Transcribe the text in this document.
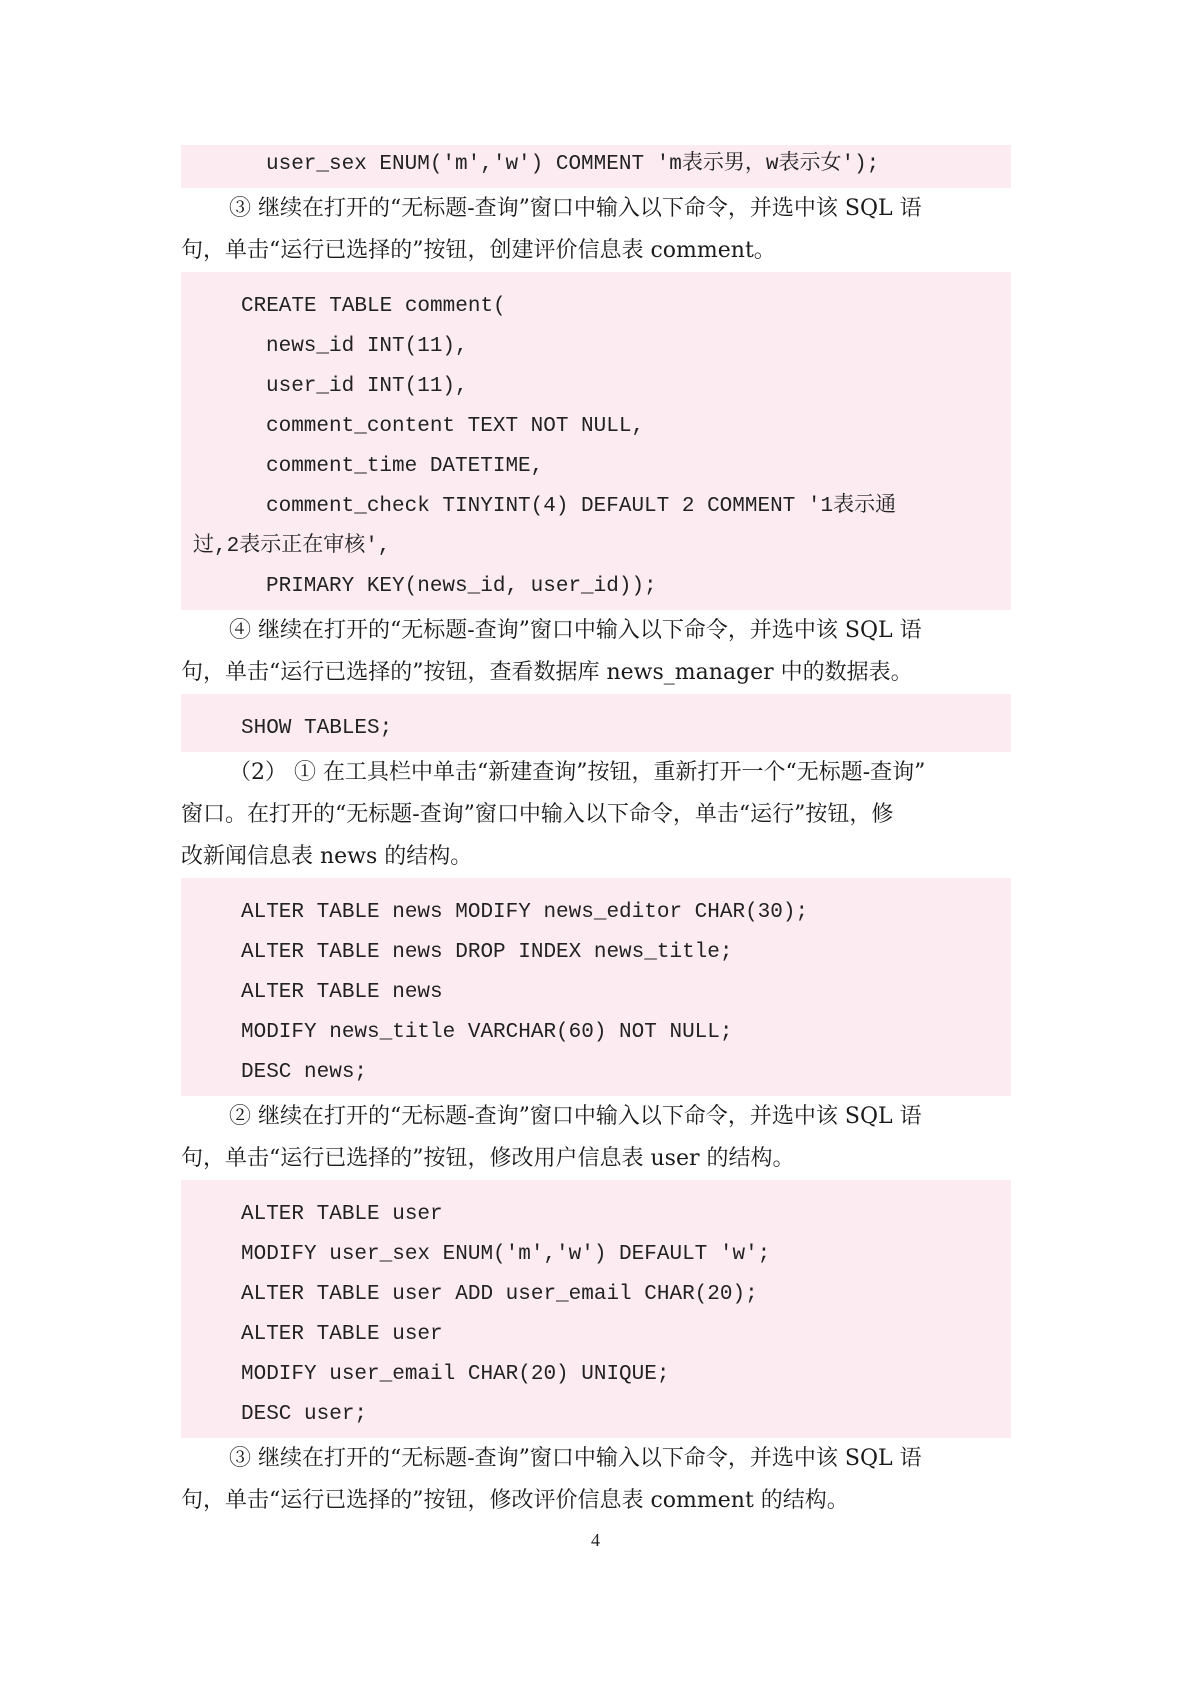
user_sex ENUM('m','w') COMMENT 'm表示男，w表示女');
③ 继续在打开的“无标题-查询”窗口中输入以下命令，并选中该 SQL 语
句，单击“运行已选择的”按钮，创建评价信息表 comment。
CREATE TABLE comment(
news_id INT(11),
user_id INT(11),
comment_content TEXT NOT NULL,
comment_time DATETIME,
comment_check TINYINT(4) DEFAULT 2 COMMENT '1表示通
过,2表示正在审核',
PRIMARY KEY(news_id, user_id));
④ 继续在打开的“无标题-查询”窗口中输入以下命令，并选中该 SQL 语
句，单击“运行已选择的”按钮，查看数据库 news_manager 中的数据表。
SHOW TABLES;
（2） ① 在工具栏中单击“新建查询”按钮，重新打开一个“无标题-查询”
窗口。在打开的“无标题-查询”窗口中输入以下命令，单击“运行”按钮，修
改新闻信息表 news 的结构。
ALTER TABLE news MODIFY news_editor CHAR(30);
ALTER TABLE news DROP INDEX news_title;
ALTER TABLE news
MODIFY news_title VARCHAR(60) NOT NULL;
DESC news;
② 继续在打开的“无标题-查询”窗口中输入以下命令，并选中该 SQL 语
句，单击“运行已选择的”按钮，修改用户信息表 user 的结构。
ALTER TABLE user
MODIFY user_sex ENUM('m','w') DEFAULT 'w';
ALTER TABLE user ADD user_email CHAR(20);
ALTER TABLE user
MODIFY user_email CHAR(20) UNIQUE;
DESC user;
③ 继续在打开的“无标题-查询”窗口中输入以下命令，并选中该 SQL 语
句，单击“运行已选择的”按钮，修改评价信息表 comment 的结构。
4
